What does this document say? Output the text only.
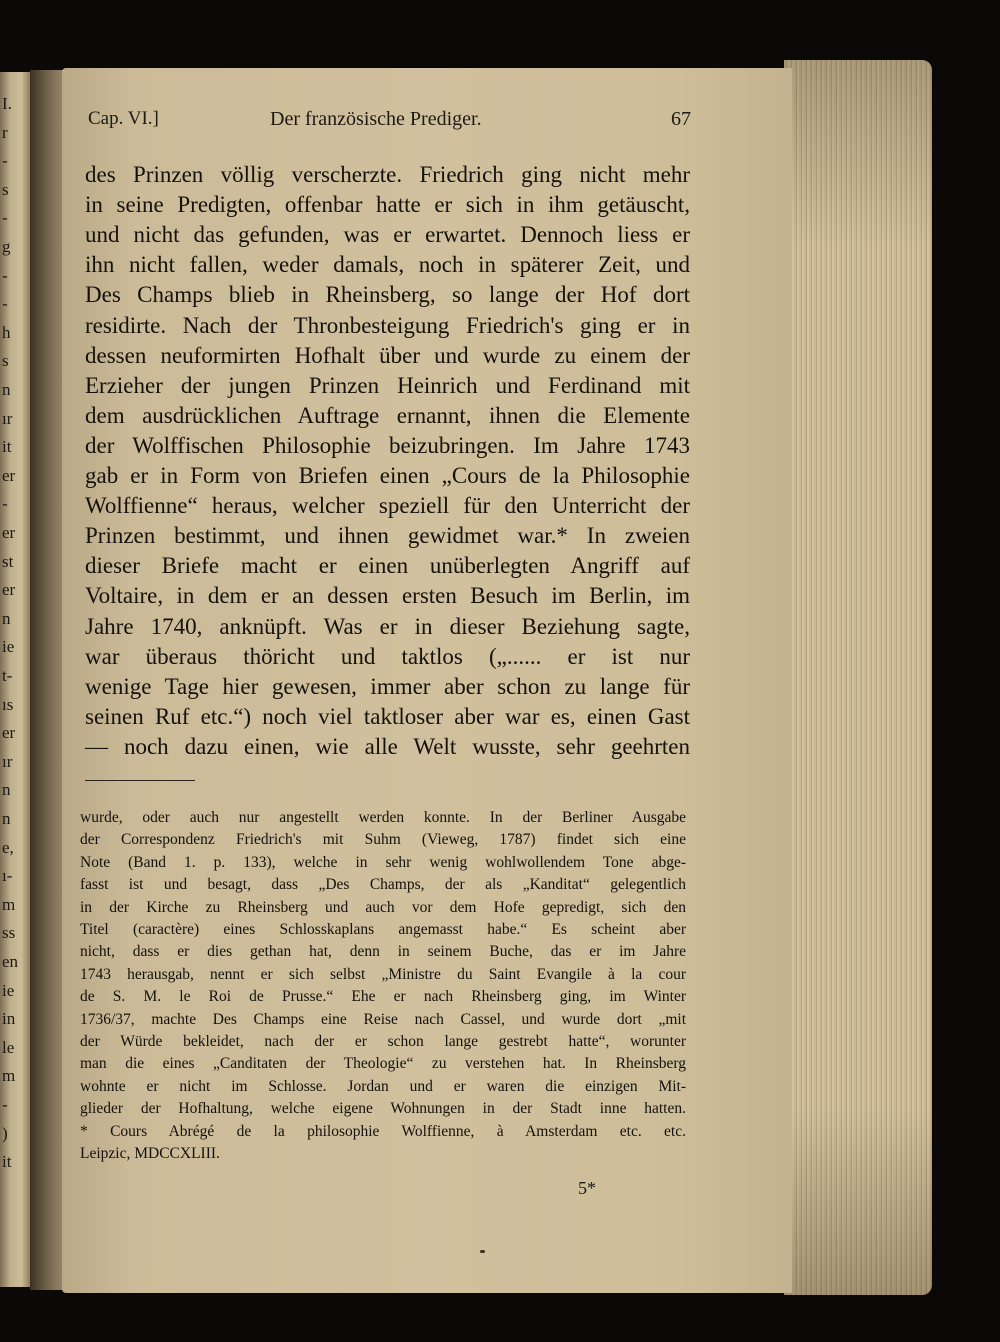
I.
r
-
s
-
g
-
-
h
s
n
ır
it
er
-
er
st
er
n
ie
t-
ıs
er
ır
n
n
e,
ı-
m
ss
en
ie
in
le
m
-
)
it
Cap. VI.]	Der französische Prediger.	67
des Prinzen völlig verscherzte. Friedrich ging nicht mehr
in seine Predigten, offenbar hatte er sich in ihm getäuscht,
und nicht das gefunden, was er erwartet. Dennoch liess er
ihn nicht fallen, weder damals, noch in späterer Zeit, und
Des Champs blieb in Rheinsberg, so lange der Hof dort
residirte. Nach der Thronbesteigung Friedrich's ging er in
dessen neuformirten Hofhalt über und wurde zu einem der
Erzieher der jungen Prinzen Heinrich und Ferdinand mit
dem ausdrücklichen Auftrage ernannt, ihnen die Elemente
der Wolffischen Philosophie beizubringen. Im Jahre 1743
gab er in Form von Briefen einen „Cours de la Philosophie
Wolffienne“ heraus, welcher speziell für den Unterricht der
Prinzen bestimmt, und ihnen gewidmet war.* In zweien
dieser Briefe macht er einen unüberlegten Angriff auf
Voltaire, in dem er an dessen ersten Besuch im Berlin, im
Jahre 1740, anknüpft. Was er in dieser Beziehung sagte,
war überaus thöricht und taktlos („...... er ist nur
wenige Tage hier gewesen, immer aber schon zu lange für
seinen Ruf etc.“) noch viel taktloser aber war es, einen Gast
— noch dazu einen, wie alle Welt wusste, sehr geehrten
wurde, oder auch nur angestellt werden konnte. In der Berliner Ausgabe
der Correspondenz Friedrich's mit Suhm (Vieweg, 1787) findet sich eine
Note (Band 1. p. 133), welche in sehr wenig wohlwollendem Tone abge-
fasst ist und besagt, dass „Des Champs, der als „Kanditat“ gelegentlich
in der Kirche zu Rheinsberg und auch vor dem Hofe gepredigt, sich den
Titel (caractère) eines Schlosskaplans angemasst habe.“ Es scheint aber
nicht, dass er dies gethan hat, denn in seinem Buche, das er im Jahre
1743 herausgab, nennt er sich selbst „Ministre du Saint Evangile à la cour
de S. M. le Roi de Prusse.“ Ehe er nach Rheinsberg ging, im Winter
1736/37, machte Des Champs eine Reise nach Cassel, und wurde dort „mit
der Würde bekleidet, nach der er schon lange gestrebt hatte“, worunter
man die eines „Canditaten der Theologie“ zu verstehen hat. In Rheinsberg
wohnte er nicht im Schlosse. Jordan und er waren die einzigen Mit-
glieder der Hofhaltung, welche eigene Wohnungen in der Stadt inne hatten.
* Cours Abrégé de la philosophie Wolffienne, à Amsterdam etc. etc.
Leipzic, MDCCXLIII.
5*
